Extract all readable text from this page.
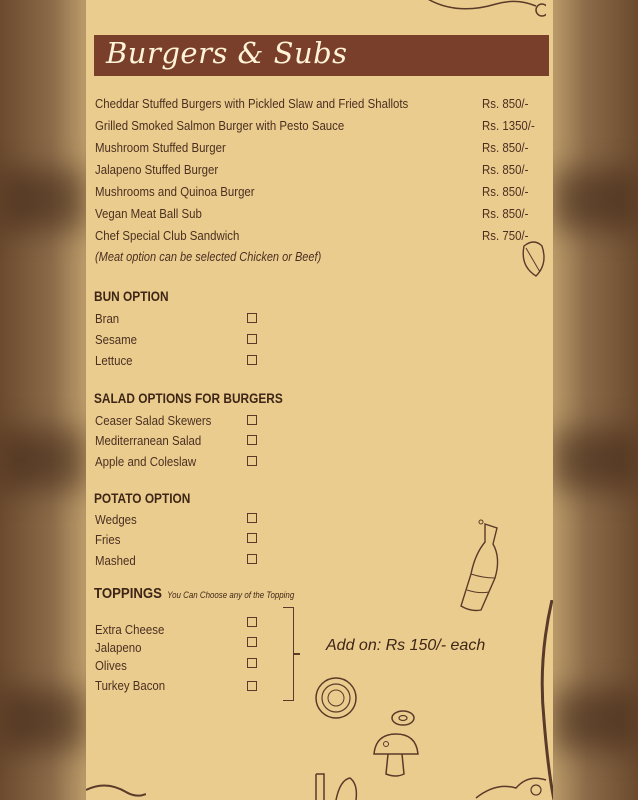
Burgers & Subs
Cheddar Stuffed Burgers with Pickled Slaw and Fried Shallots	Rs. 850/-
Grilled Smoked Salmon Burger with Pesto Sauce	Rs. 1350/-
Mushroom Stuffed Burger	Rs. 850/-
Jalapeno Stuffed Burger	Rs. 850/-
Mushrooms and Quinoa Burger	Rs. 850/-
Vegan Meat Ball Sub	Rs. 850/-
Chef Special Club Sandwich	Rs. 750/-
(Meat option can be selected Chicken or Beef)
BUN OPTION
Bran
Sesame
Lettuce
SALAD OPTIONS FOR BURGERS
Ceaser Salad Skewers
Mediterranean Salad
Apple and Coleslaw
POTATO OPTION
Wedges
Fries
Mashed
TOPPINGS You Can Choose any of the Topping
Extra Cheese
Jalapeno
Olives
Turkey Bacon
Add on: Rs 150/- each
